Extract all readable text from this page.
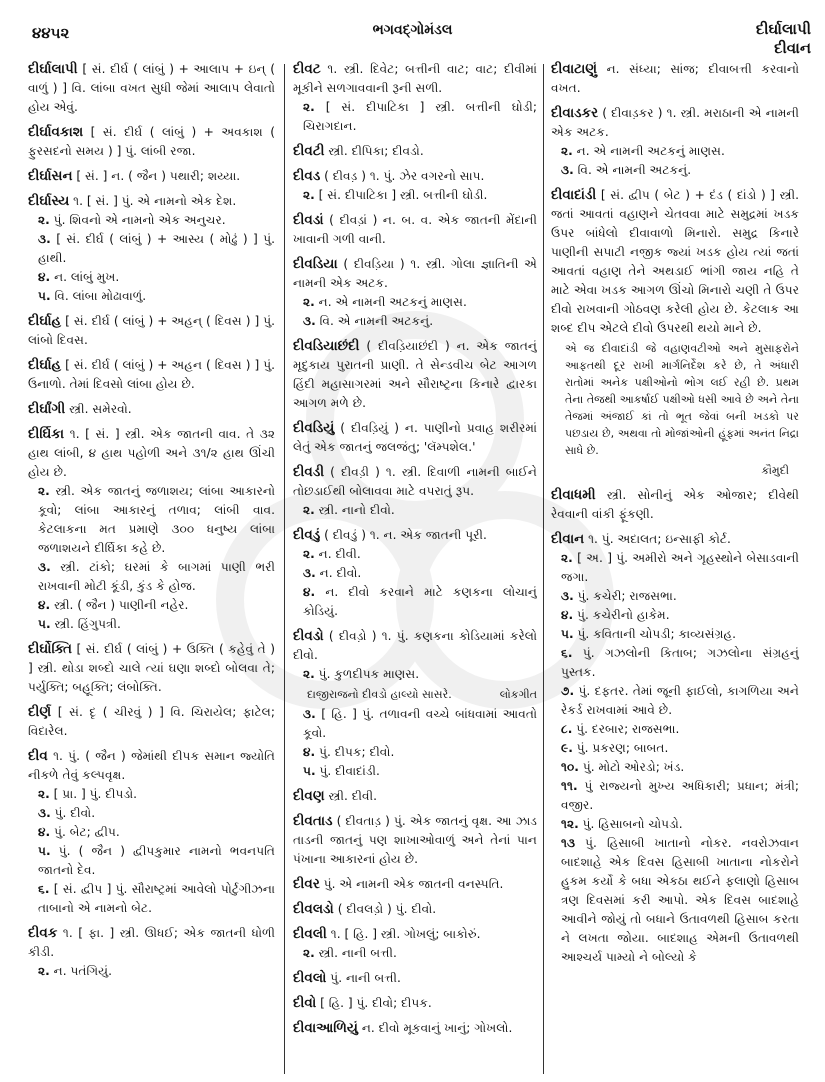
૪૪૫૨	ભગવદ્ગોમંડલ	દીર્ઘાલાપી
દીવાન
દીર્ઘાલાપી [ સં. દીર્ઘ ( લાંબું ) + આલાપ + ઇન્ ( વાળું ) ] વિ. લાંબા વખત સુધી જેમાં આલાપ લેવાતો હોય એવું.
દીર્ઘાવકાશ [ સં. દીર્ઘ ( લાંબું ) + અવકાશ ( ફુરસદનો સમય ) ] પું. લાંબી રજા.
દીર્ઘાસન [ સં. ] ન. ( જૈન ) પથારી; શય્યા.
દીર્ઘાસ્ય ૧. [ સં. ] પું. એ નામનો એક દેશ.
૨. પું. શિવનો એ નામનો એક અનુચર.
૩. [ સં. દીર્ઘ ( લાંબું ) + આસ્ય ( મોઢું ) ] પું. હાથી.
૪. ન. લાંબું મુખ.
૫. વિ. લાંબા મોઢાવાળું.
દીર્ઘાહ [ સં. દીર્ઘ ( લાંબું ) + અહન્ ( દિવસ ) ] પું. લાંબો દિવસ.
દીર્ઘાહ [ સં. દીર્ઘ ( લાંબું ) + અહન ( દિવસ ) ] પું. ઉનાળો. તેમાં દિવસો લાંબા હોય છે.
દીર્ઘાંગી સ્ત્રી. સમેરવો.
દીર્ઘિકા ૧. [ સં. ] સ્ત્રી. એક જાતની વાવ. તે ૩૨ હાથ લાંબી, ૪ હાથ પહોળી અને ૩૧/૨ હાથ ઊંચી હોય છે.
૨. સ્ત્રી. એક જાતનું જળાશય; લાંબા આકારનો કૂવો; લાંબા આકારનું તળાવ; લાંબી વાવ. કેટલાકના મત પ્રમાણે ૩૦૦ ધનુષ્ય લાંબા જળાશયને દીર્ઘિકા કહે છે.
૩. સ્ત્રી. ટાંકો; ઘરમાં કે બાગમાં પાણી ભરી રાખવાની મોટી કૂંડી, કુંડ કે હોજ.
૪. સ્ત્રી. ( જૈન ) પાણીની નહેર.
૫. સ્ત્રી. હિંગુપત્રી.
દીર્ઘોક્તિ [ સં. દીર્ઘ ( લાંબું ) + ઉક્તિ ( કહેવું તે ) ] સ્ત્રી. થોડા શબ્દો ચાલે ત્યાં ઘણા શબ્દો બોલવા તે; પર્યુક્તિ; બહૂક્તિ; લંબોક્તિ.
દીર્ણ [ સં. દૃ ( ચીરવું ) ] વિ. ચિરાયેલ; ફાટેલ; વિદારેલ.
દીવ ૧. પું. ( જૈન ) જેમાંથી દીપક સમાન જ્યોતિ નીકળે તેવું કલ્પવૃક્ષ.
૨. [ પ્રા. ] પું. દીપડો.
૩. પું. દીવો.
૪. પું. બેટ; દ્વીપ.
૫. પું. ( જૈન ) દ્વીપકુમાર નામનો ભવનપતિ જાતનો દેવ.
૬. [ સં. દ્વીપ ] પું. સૌરાષ્ટ્રમાં આવેલો પોર્ટુગીઝના તાબાનો એ નામનો બેટ.
દીવક ૧. [ ફા. ] સ્ત્રી. ઊધઈ; એક જાતની ધોળી કીડી.
૨. ન. પતંગિયું.
દીવટ ૧. સ્ત્રી. દિવેટ; બત્તીની વાટ; વાટ; દીવીમાં મૂકીને સળગાવવાની રૂની સળી.
૨. [ સં. દીપાટિકા ] સ્ત્રી. બત્તીની ઘોડી; ચિરાગદાન.
દીવટી સ્ત્રી. દીપિકા; દીવડો.
દીવડ ( દીવડ઼ ) ૧. પું. ઝેર વગરનો સાપ.
૨. [ સં. દીપાટિકા ] સ્ત્રી. બત્તીની ઘોડી.
દીવડાં ( દીવડ઼ાં ) ન. બ. વ. એક જાતની મેંદાની ખાવાની ગળી વાની.
દીવડિયા ( દીવડ઼િયા ) ૧. સ્ત્રી. ગોલા જ્ઞાતિની એ નામની એક અટક.
૨. ન. એ નામની અટકનું માણસ.
૩. વિ. એ નામની અટકનું.
દીવડિયાછંદી ( દીવડ઼િયાછંદી ) ન. એક જાતનું મૃદુકાય પુરાતની પ્રાણી. તે સેન્ડવીચ બેટ આગળ હિંદી મહાસાગરમાં અને સૌરાષ્ટ્રના કિનારે દ્વારકા આગળ મળે છે.
દીવડિયું ( દીવડ઼િયું ) ન. પાણીનો પ્રવાહ શરીરમાં લેતું એક જાતનું જલજંતુ; 'લૅમ્પશેલ.'
દીવડી ( દીવડ઼ી ) ૧. સ્ત્રી. દિવાળી નામની બાઈને તોછડાઈથી બોલાવવા માટે વપરાતું રૂપ.
૨. સ્ત્રી. નાનો દીવો.
દીવડું ( દીવડ઼ું ) ૧. ન. એક જાતની પૂરી.
૨. ન. દીવી.
૩. ન. દીવો.
૪. ન. દીવો કરવાને માટે કણકના લોચાનું કોડિયું.
દીવડો ( દીવડ઼ો ) ૧. પું. કણકના કોડિયામાં કરેલો દીવો.
૨. પું. કુળદીપક માણસ.
દાજીરાજનો દીવડો હાલ્યો સાસરે.	લોકગીત
૩. [ હિ. ] પું. તળાવની વચ્ચે બાંધવામાં આવતો કૂવો.
૪. પું. દીપક; દીવો.
૫. પું. દીવાદાંડી.
દીવણ સ્ત્રી. દીવી.
દીવતાડ ( દીવતાડ઼ ) પું. એક જાતનું વૃક્ષ. આ ઝાડ તાડની જાતનું પણ શાખાઓવાળું અને તેનાં પાન પંખાના આકારનાં હોય છે.
દીવર પું. એ નામની એક જાતની વનસ્પતિ.
દીવલડો ( દીવલડ઼ો ) પું. દીવો.
દીવલી ૧. [ હિ. ] સ્ત્રી. ગોખલું; બાકોરું.
૨. સ્ત્રી. નાની બત્તી.
દીવલો પું. નાની બત્તી.
દીવો [ હિ. ] પું. દીવો; દીપક.
દીવાઆળિયું ન. દીવો મૂકવાનું ખાનું; ગોખલો.
દીવાટાણું ન. સંધ્યા; સાંજ; દીવાબત્તી કરવાનો વખત.
દીવાડકર ( દીવાડ઼કર ) ૧. સ્ત્રી. મરાઠાની એ નામની એક અટક.
૨. ન. એ નામની અટકનું માણસ.
૩. વિ. એ નામની અટકનું.
દીવાદાંડી [ સં. દ્વીપ ( બેટ ) + દંડ ( દાંડો ) ] સ્ત્રી. જતાં આવતાં વહાણને ચેતવવા માટે સમુદ્રમાં ખડક ઉપર બાંધેલો દીવાવાળો મિનારો. સમુદ્ર કિનારે પાણીની સપાટી નજીક જ્યાં ખડક હોય ત્યાં જતાં આવતાં વહાણ તેને અથડાઈ ભાંગી જાય નહિ તે માટે એવા ખડક આગળ ઊંચો મિનારો ચણી તે ઉપર દીવો રાખવાની ગોઠવણ કરેલી હોય છે. કેટલાક આ શબ્દ દીપ એટલે દીવો ઉપરથી થયો માને છે.
એ જ દીવાદાંડી જે વહાણવટીઓ અને મુસાફરોને આફતથી દૂર રાખી માર્ગનિર્દેશ કરે છે, તે અંધારી રાતોમાં અનેક પક્ષીઓનો ભોગ લઈ રહી છે. પ્રથમ તેના તેજથી આકર્ષાઈ પક્ષીઓ ધસી આવે છે અને તેના તેજમાં અંજાઈ કાં તો ભૂત જેવાં બની ખડકો પર પછડાય છે, અથવા તો મોજાંઓની હૂંફમાં અનંત નિદ્રા સાધે છે.
કૌમુદી
દીવાધમી સ્ત્રી. સોનીનું એક ઓજાર; દીવેથી રેવવાની વાંકી ફૂંકણી.
દીવાન ૧. પું. અદાલત; ઇન્સાફી કોર્ટ.
૨. [ અ. ] પું. અમીરો અને ગૃહસ્થોને બેસાડવાની જગા.
૩. પું. કચેરી; રાજસભા.
૪. પું. કચેરીનો હાકેમ.
૫. પું. કવિતાની ચોપડી; કાવ્યસંગ્રહ.
૬. પું. ગઝલોની કિતાબ; ગઝલોના સંગ્રહનું પુસ્તક.
૭. પું. દફતર. તેમાં જૂની ફાઈલો, કાગળિયા અને રેકર્ડ રાખવામાં આવે છે.
૮. પું. દરબાર; રાજસભા.
૯. પું. પ્રકરણ; બાબત.
૧૦. પું. મોટો ઓરડો; ખંડ.
૧૧. પું રાજ્યનો મુખ્ય અધિકારી; પ્રધાન; મંત્રી; વજીર.
૧૨. પું. હિસાબનો ચોપડો.
૧૩ પું. હિસાબી ખાતાનો નોકર. નવરોઝવાન બાદશાહે એક દિવસ હિસાબી ખાતાના નોકરોને હુકમ કર્યો કે બધા એકઠા થઈને ફલાણો હિસાબ ત્રણ દિવસમાં કરી આપો. એક દિવસ બાદશાહે આવીને જોયું તો બધાને ઉતાવળથી હિસાબ કરતા ને લખતા જોયા. બાદશાહ એમની ઉતાવળથી આશ્ચર્ય પામ્યો ને બોલ્યો કે
